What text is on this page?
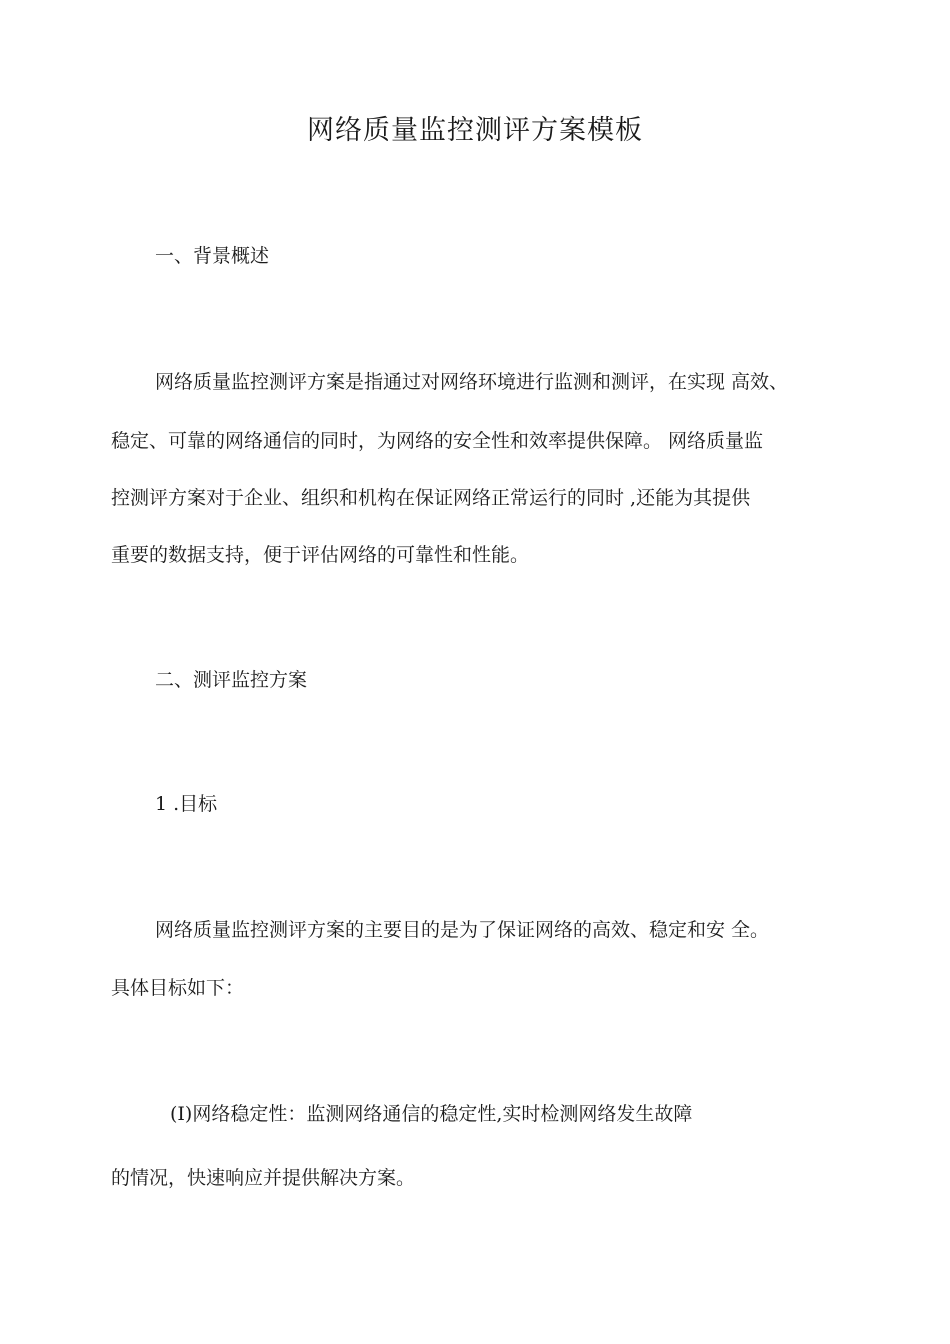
网络质量监控测评方案模板
一、背景概述
网络质量监控测评方案是指通过对网络环境进行监测和测评，在实现 高效、
稳定、可靠的网络通信的同时，为网络的安全性和效率提供保障。 网络质量监
控测评方案对于企业、组织和机构在保证网络正常运行的同时 ,还能为其提供
重要的数据支持，便于评估网络的可靠性和性能。
二、测评监控方案
1 .目标
网络质量监控测评方案的主要目的是为了保证网络的高效、稳定和安 全。
具体目标如下：
(I)网络稳定性：监测网络通信的稳定性,实时检测网络发生故障
的情况，快速响应并提供解决方案。
